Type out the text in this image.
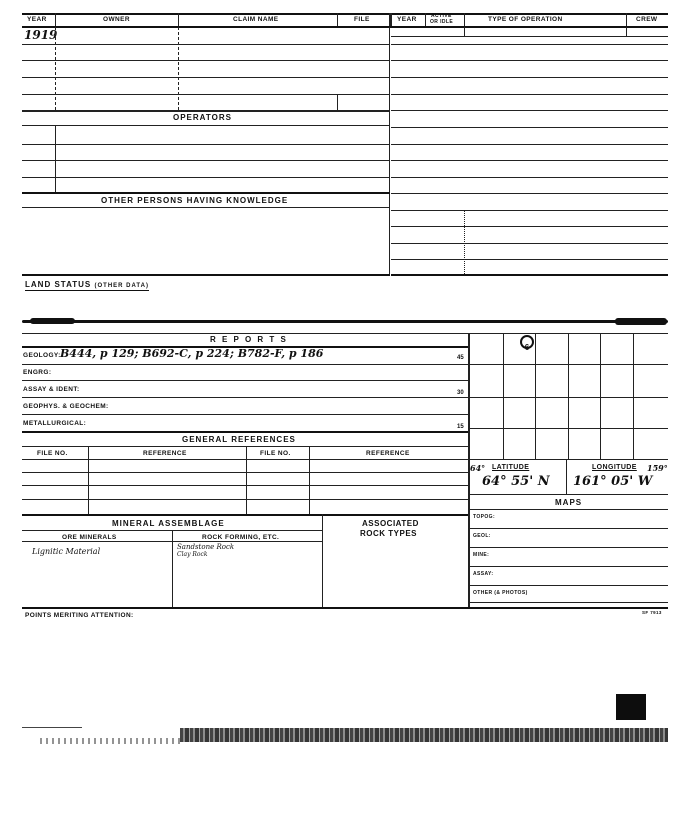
YEAR	OWNER	CLAIM NAME	FILE	YEAR	ACTIVE
OR IDLE	TYPE OF OPERATION	CREW
1919
OPERATORS
OTHER PERSONS HAVING KNOWLEDGE
LAND STATUS (OTHER DATA)
R E P O R T S
GEOLOGY: B444, p 129; B692-C, p 224; B782-F, p 186
ENGRG:
ASSAY & IDENT:
GEOPHYS. & GEOCHEM:
METALLURGICAL:
45
30
15
GENERAL REFERENCES
FILE NO.	REFERENCE	FILE NO.	REFERENCE
6
64° LATITUDE	LONGITUDE 159°
64° 55' N 161° 05' W
MAPS
TOPOG:
GEOL:
MINE:
ASSAY:
OTHER (& PHOTOS)
MINERAL ASSEMBLAGE
ORE MINERALS	ROCK FORMING, ETC.
Lignitic Material	Sandstone Rock
Clay Rock
ASSOCIATED
ROCK TYPES
POINTS MERITING ATTENTION:	SF 7913
